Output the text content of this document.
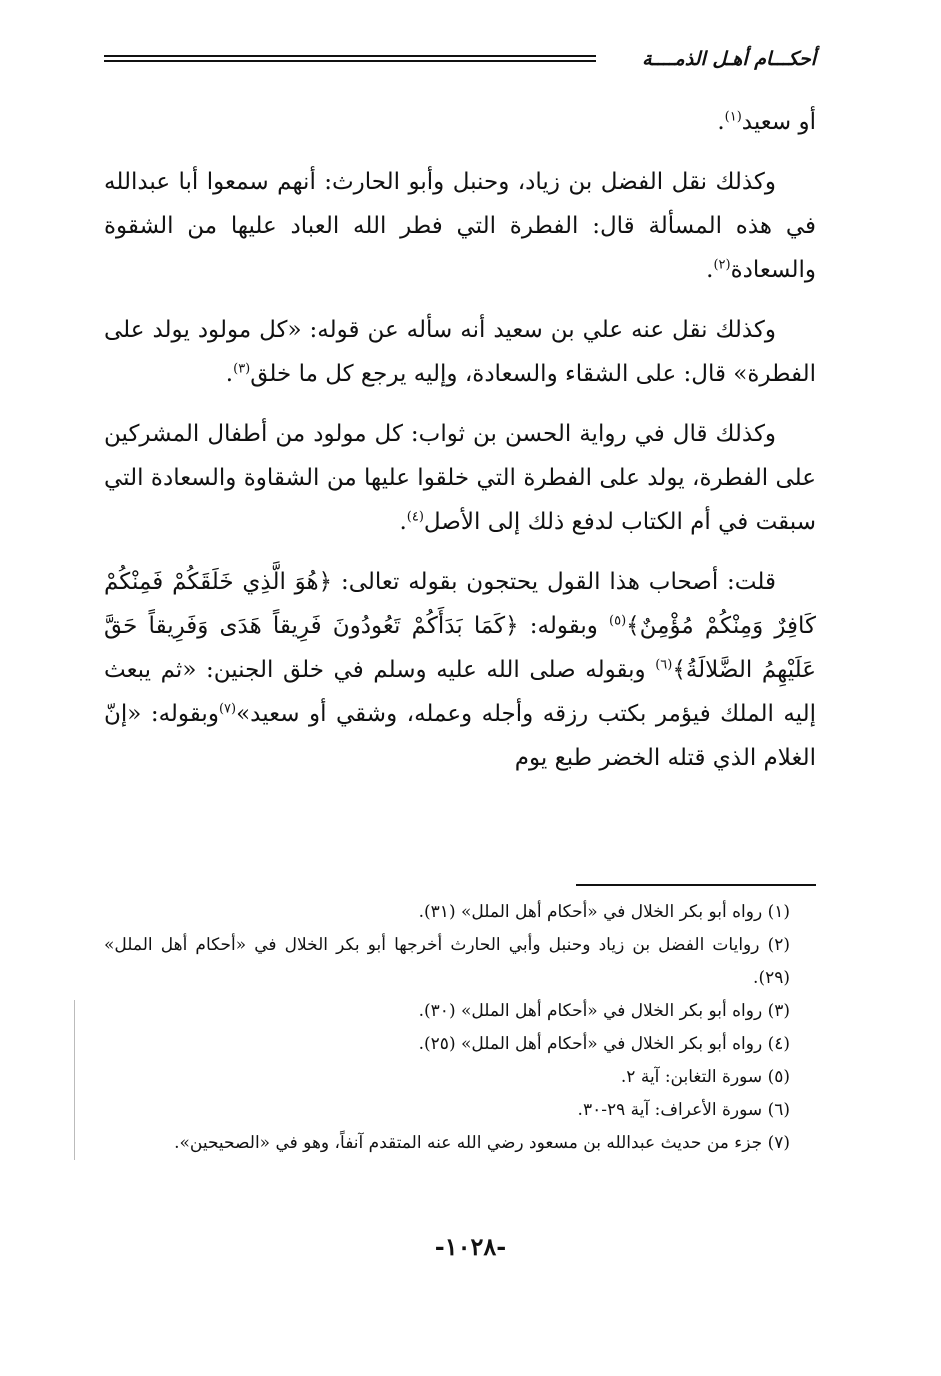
أحكـــام أهـل الذمــــة

أو سعيد$^{(١)}$.

وكذلك نقل الفضل بن زياد، وحنبل وأبو الحارث: أنهم سمعوا أبا عبدالله في هذه المسألة قال: الفطرة التي فطر الله العباد عليها من الشقوة والسعادة$^{(٢)}$.

وكذلك نقل عنه علي بن سعيد أنه سأله عن قوله: «كل مولود يولد على الفطرة» قال: على الشقاء والسعادة، وإليه يرجع كل ما خلق$^{(٣)}$.

وكذلك قال في رواية الحسن بن ثواب: كل مولود من أطفال المشركين على الفطرة، يولد على الفطرة التي خلقوا عليها من الشقاوة والسعادة التي سبقت في أم الكتاب لدفع ذلك إلى الأصل$^{(٤)}$.

قلت: أصحاب هذا القول يحتجون بقوله تعالى: ﴿هُوَ الَّذِي خَلَقَكُمْ فَمِنْكُمْ كَافِرٌ وَمِنْكُمْ مُؤْمِنٌ﴾$^{(٥)}$ وبقوله: ﴿كَمَا بَدَأَكُمْ تَعُودُونَ فَرِيقاً هَدَى وَفَرِيقاً حَقَّ عَلَيْهِمُ الضَّلالَةُ﴾$^{(٦)}$ وبقوله صلى الله عليه وسلم في خلق الجنين: «ثم يبعث إليه الملك فيؤمر بكتب رزقه وأجله وعمله، وشقي أو سعيد»$^{(٧)}$وبقوله: «إنّ الغلام الذي قتله الخضر طبع يوم

(١) رواه أبو بكر الخلال في «أحكام أهل الملل» (٣١).

(٢) روايات الفضل بن زياد وحنبل وأبي الحارث أخرجها أبو بكر الخلال في «أحكام أهل الملل» (٢٩).

(٣) رواه أبو بكر الخلال في «أحكام أهل الملل» (٣٠).

(٤) رواه أبو بكر الخلال في «أحكام أهل الملل» (٢٥).

(٥) سورة التغابن: آية ٢.

(٦) سورة الأعراف: آية ٢٩-٣٠.

(٧) جزء من حديث عبدالله بن مسعود رضي الله عنه المتقدم آنفاً، وهو في «الصحيحين».

-١٠٢٨-
